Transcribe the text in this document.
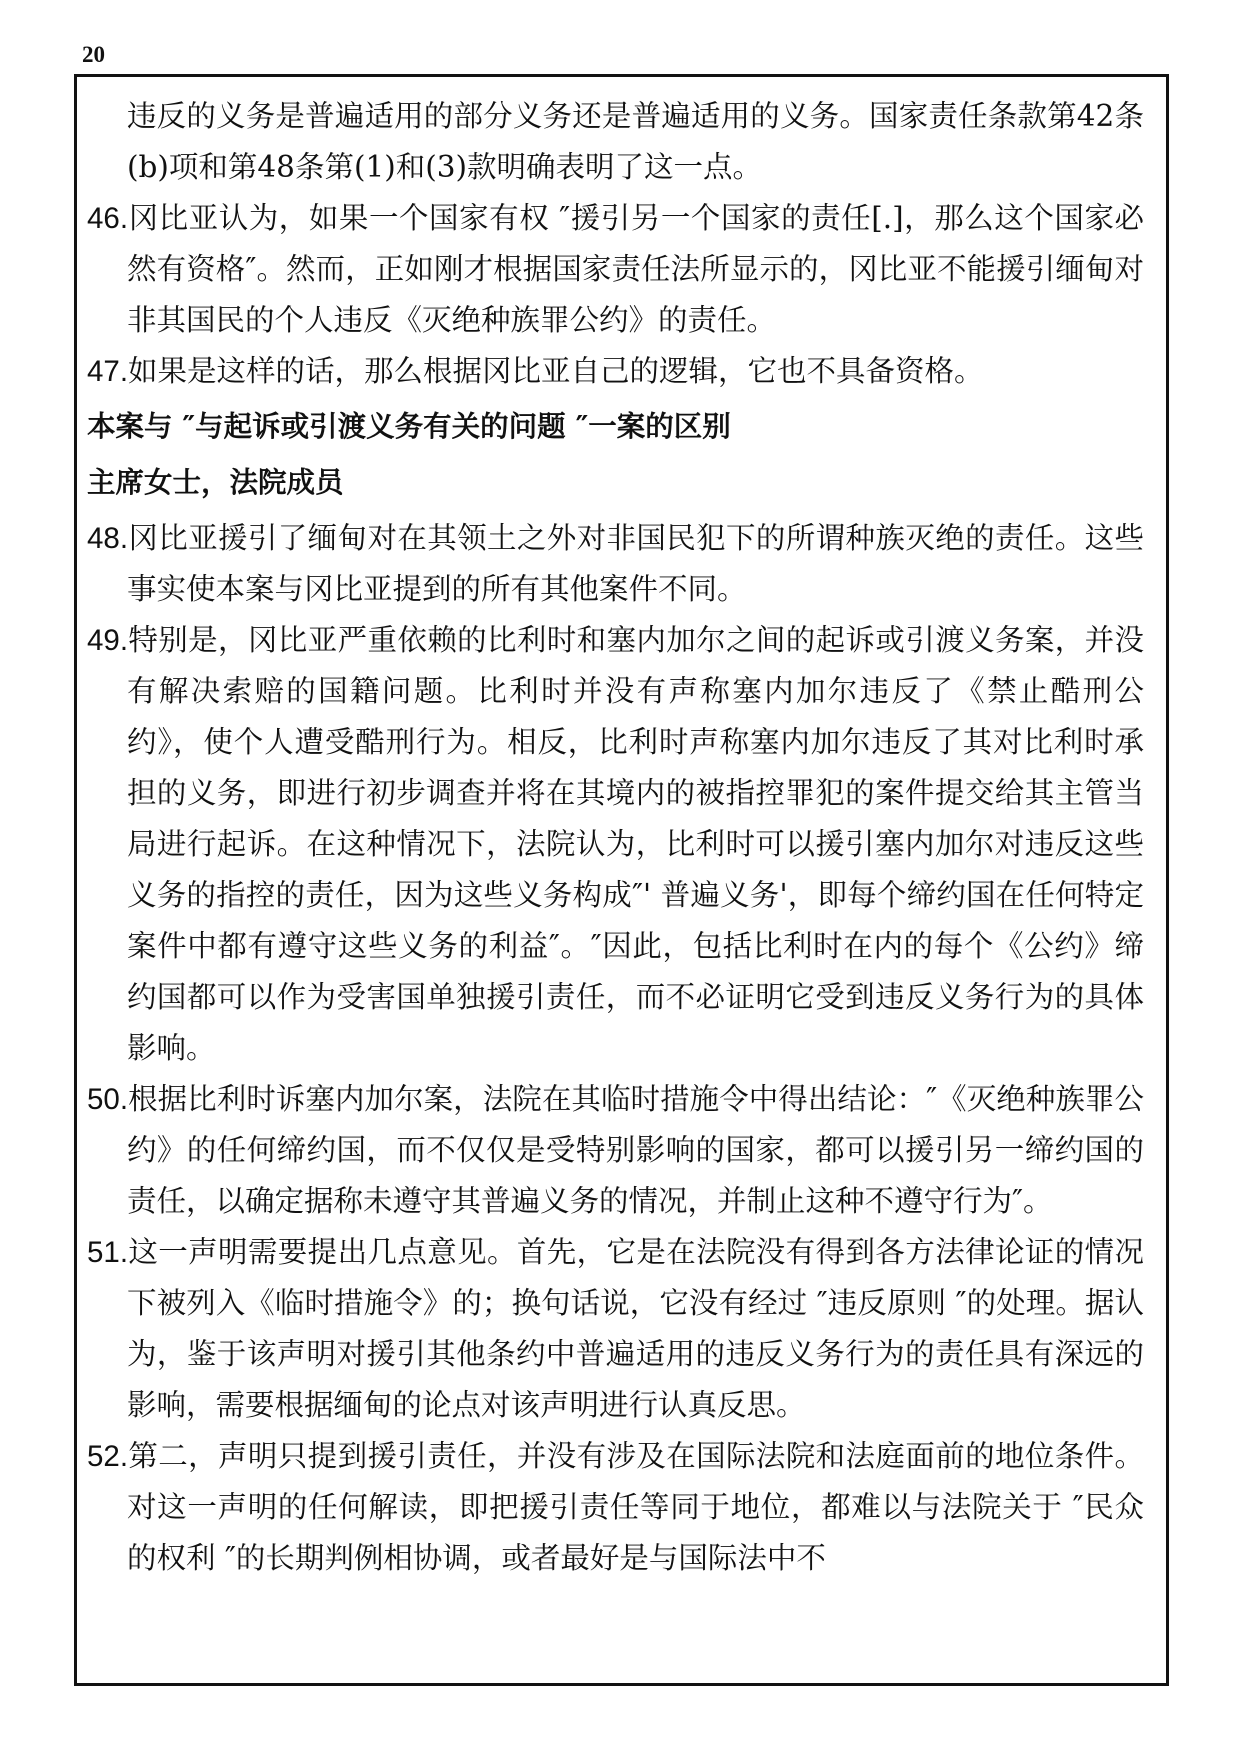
20

违反的义务是普遍适用的部分义务还是普遍适用的义务。国家责任条款第42条(b)项和第48条第(1)和(3)款明确表明了这一点。

46.冈比亚认为，如果一个国家有权 ″援引另一个国家的责任[.]，那么这个国家必然有资格″。然而，正如刚才根据国家责任法所显示的，冈比亚不能援引缅甸对非其国民的个人违反《灭绝种族罪公约》的责任。

47.如果是这样的话，那么根据冈比亚自己的逻辑，它也不具备资格。

本案与 ″与起诉或引渡义务有关的问题 ″一案的区别
主席女士，法院成员

48.冈比亚援引了缅甸对在其领土之外对非国民犯下的所谓种族灭绝的责任。这些事实使本案与冈比亚提到的所有其他案件不同。

49.特别是，冈比亚严重依赖的比利时和塞内加尔之间的起诉或引渡义务案，并没有解决索赔的国籍问题。比利时并没有声称塞内加尔违反了《禁止酷刑公约》，使个人遭受酷刑行为。相反，比利时声称塞内加尔违反了其对比利时承担的义务，即进行初步调查并将在其境内的被指控罪犯的案件提交给其主管当局进行起诉。在这种情况下，法院认为，比利时可以援引塞内加尔对违反这些义务的指控的责任，因为这些义务构成″' 普遍义务'，即每个缔约国在任何特定案件中都有遵守这些义务的利益″。″因此，包括比利时在内的每个《公约》缔约国都可以作为受害国单独援引责任，而不必证明它受到违反义务行为的具体影响。

50.根据比利时诉塞内加尔案，法院在其临时措施令中得出结论：″《灭绝种族罪公约》的任何缔约国，而不仅仅是受特别影响的国家，都可以援引另一缔约国的责任，以确定据称未遵守其普遍义务的情况，并制止这种不遵守行为″。

51.这一声明需要提出几点意见。首先，它是在法院没有得到各方法律论证的情况下被列入《临时措施令》的；换句话说，它没有经过 ″违反原则 ″的处理。据认为，鉴于该声明对援引其他条约中普遍适用的违反义务行为的责任具有深远的影响，需要根据缅甸的论点对该声明进行认真反思。

52.第二，声明只提到援引责任，并没有涉及在国际法院和法庭面前的地位条件。对这一声明的任何解读，即把援引责任等同于地位，都难以与法院关于 ″民众的权利 ″的长期判例相协调，或者最好是与国际法中不
